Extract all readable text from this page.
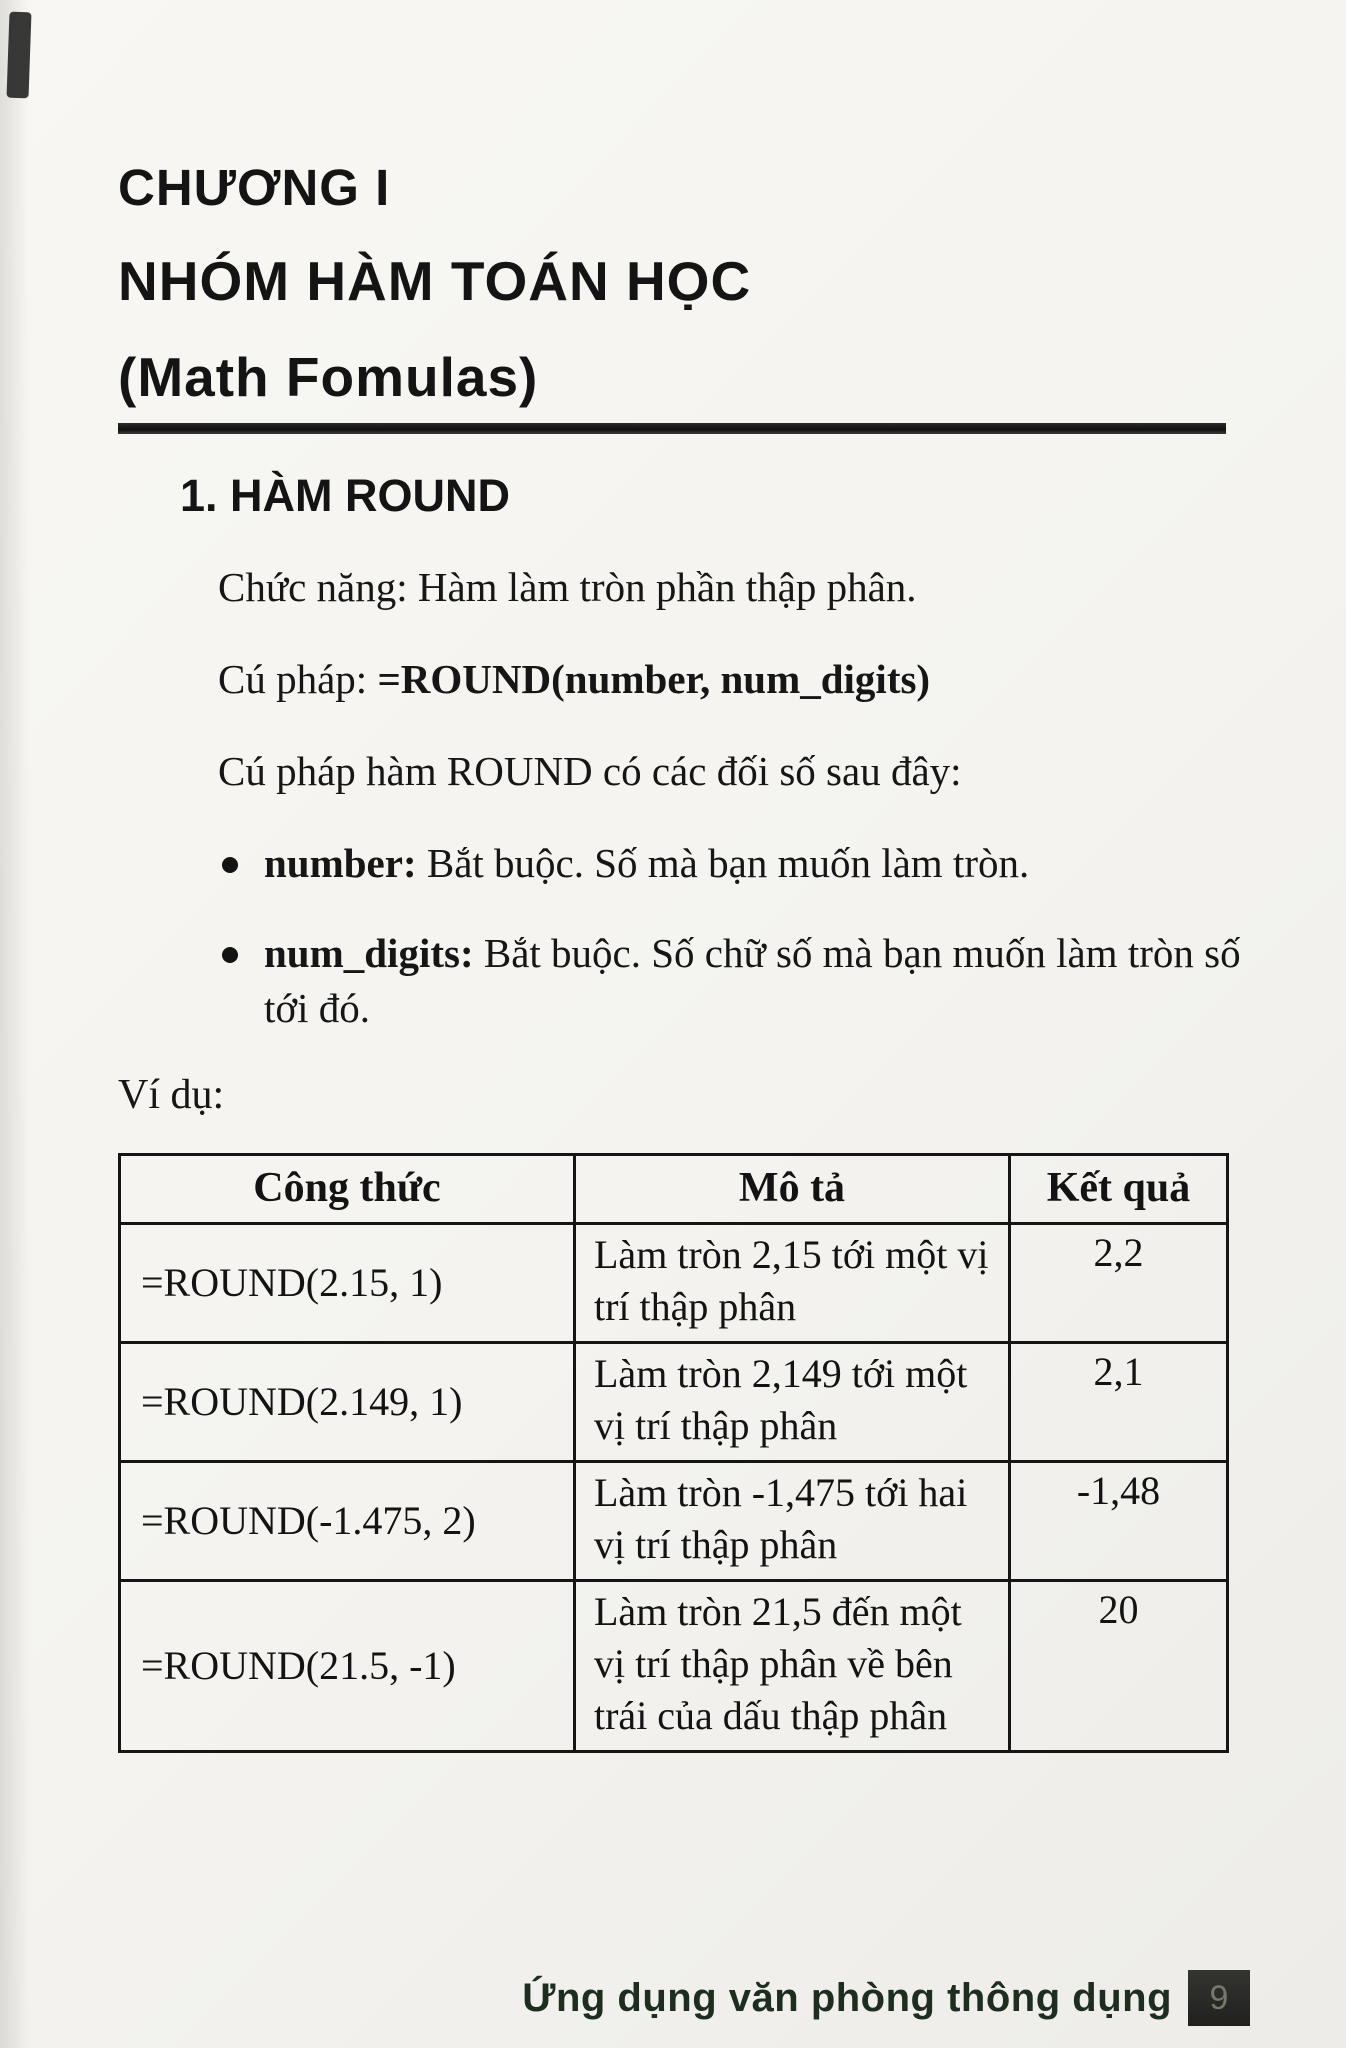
CHƯƠNG I
NHÓM HÀM TOÁN HỌC
(Math Fomulas)
1. HÀM ROUND
Chức năng: Hàm làm tròn phần thập phân.
Cú pháp: =ROUND(number, num_digits)
Cú pháp hàm ROUND có các đối số sau đây:
number: Bắt buộc. Số mà bạn muốn làm tròn.
num_digits: Bắt buộc. Số chữ số mà bạn muốn làm tròn số tới đó.
Ví dụ:
Công thức	Mô tả	Kết quả
=ROUND(2.15, 1)	Làm tròn 2,15 tới một vị trí thập phân	2,2
=ROUND(2.149, 1)	Làm tròn 2,149 tới một vị trí thập phân	2,1
=ROUND(-1.475, 2)	Làm tròn -1,475 tới hai vị trí thập phân	-1,48
=ROUND(21.5, -1)	Làm tròn 21,5 đến một vị trí thập phân về bên trái của dấu thập phân	20
Ứng dụng văn phòng thông dụng 9
